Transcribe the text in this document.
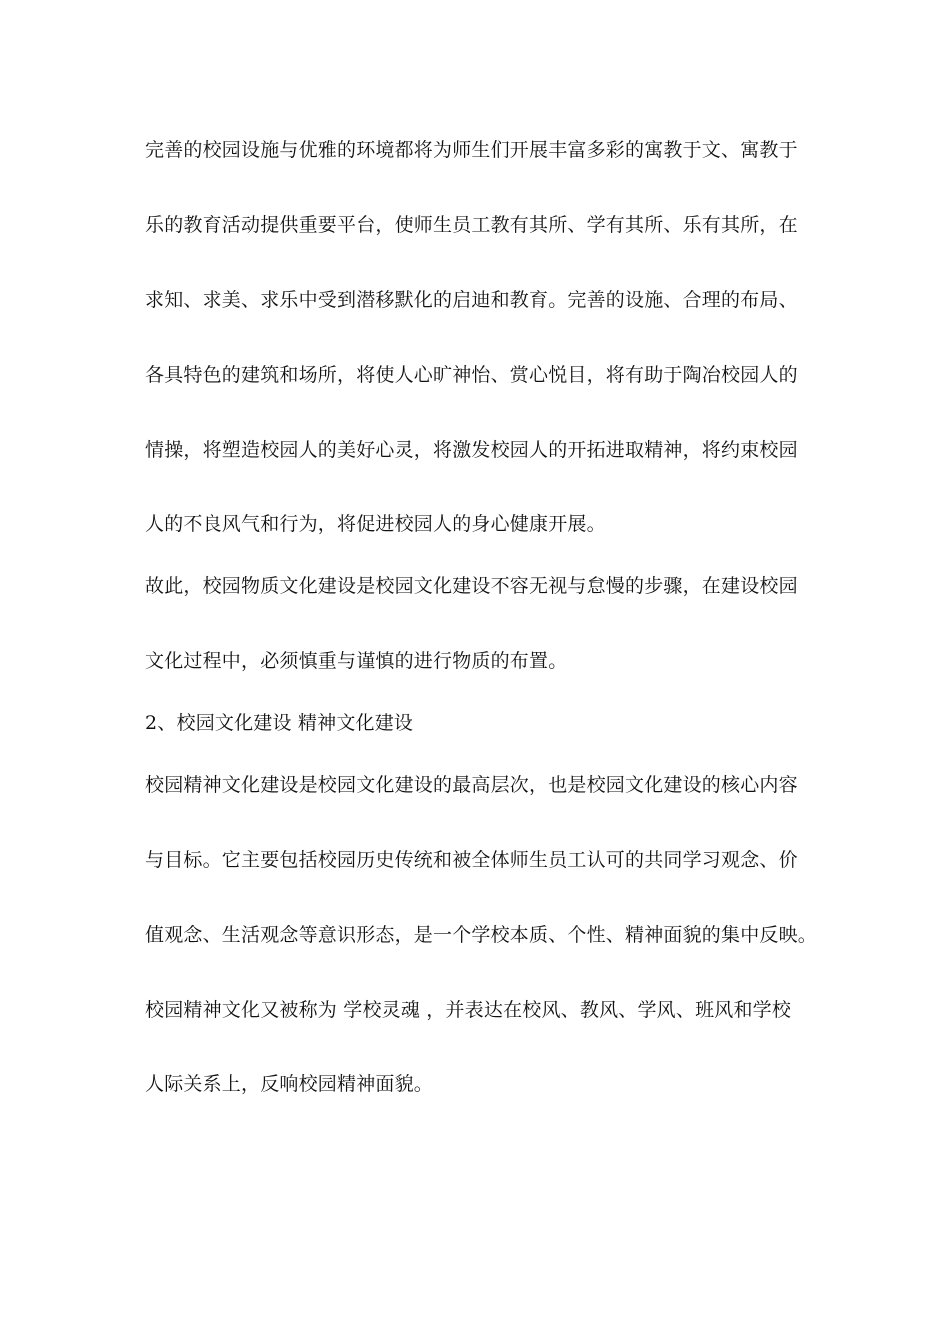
完善的校园设施与优雅的环境都将为师生们开展丰富多彩的寓教于文、寓教于
乐的教育活动提供重要平台，使师生员工教有其所、学有其所、乐有其所，在
求知、求美、求乐中受到潜移默化的启迪和教育。完善的设施、合理的布局、
各具特色的建筑和场所，将使人心旷神怡、赏心悦目，将有助于陶冶校园人的
情操，将塑造校园人的美好心灵，将激发校园人的开拓进取精神，将约束校园
人的不良风气和行为，将促进校园人的身心健康开展。
故此，校园物质文化建设是校园文化建设不容无视与怠慢的步骤，在建设校园
文化过程中，必须慎重与谨慎的进行物质的布置。
2、校园文化建设 精神文化建设
校园精神文化建设是校园文化建设的最高层次，也是校园文化建设的核心内容
与目标。它主要包括校园历史传统和被全体师生员工认可的共同学习观念、价
值观念、生活观念等意识形态，是一个学校本质、个性、精神面貌的集中反映。
校园精神文化又被称为 学校灵魂 ，并表达在校风、教风、学风、班风和学校
人际关系上，反响校园精神面貌。
